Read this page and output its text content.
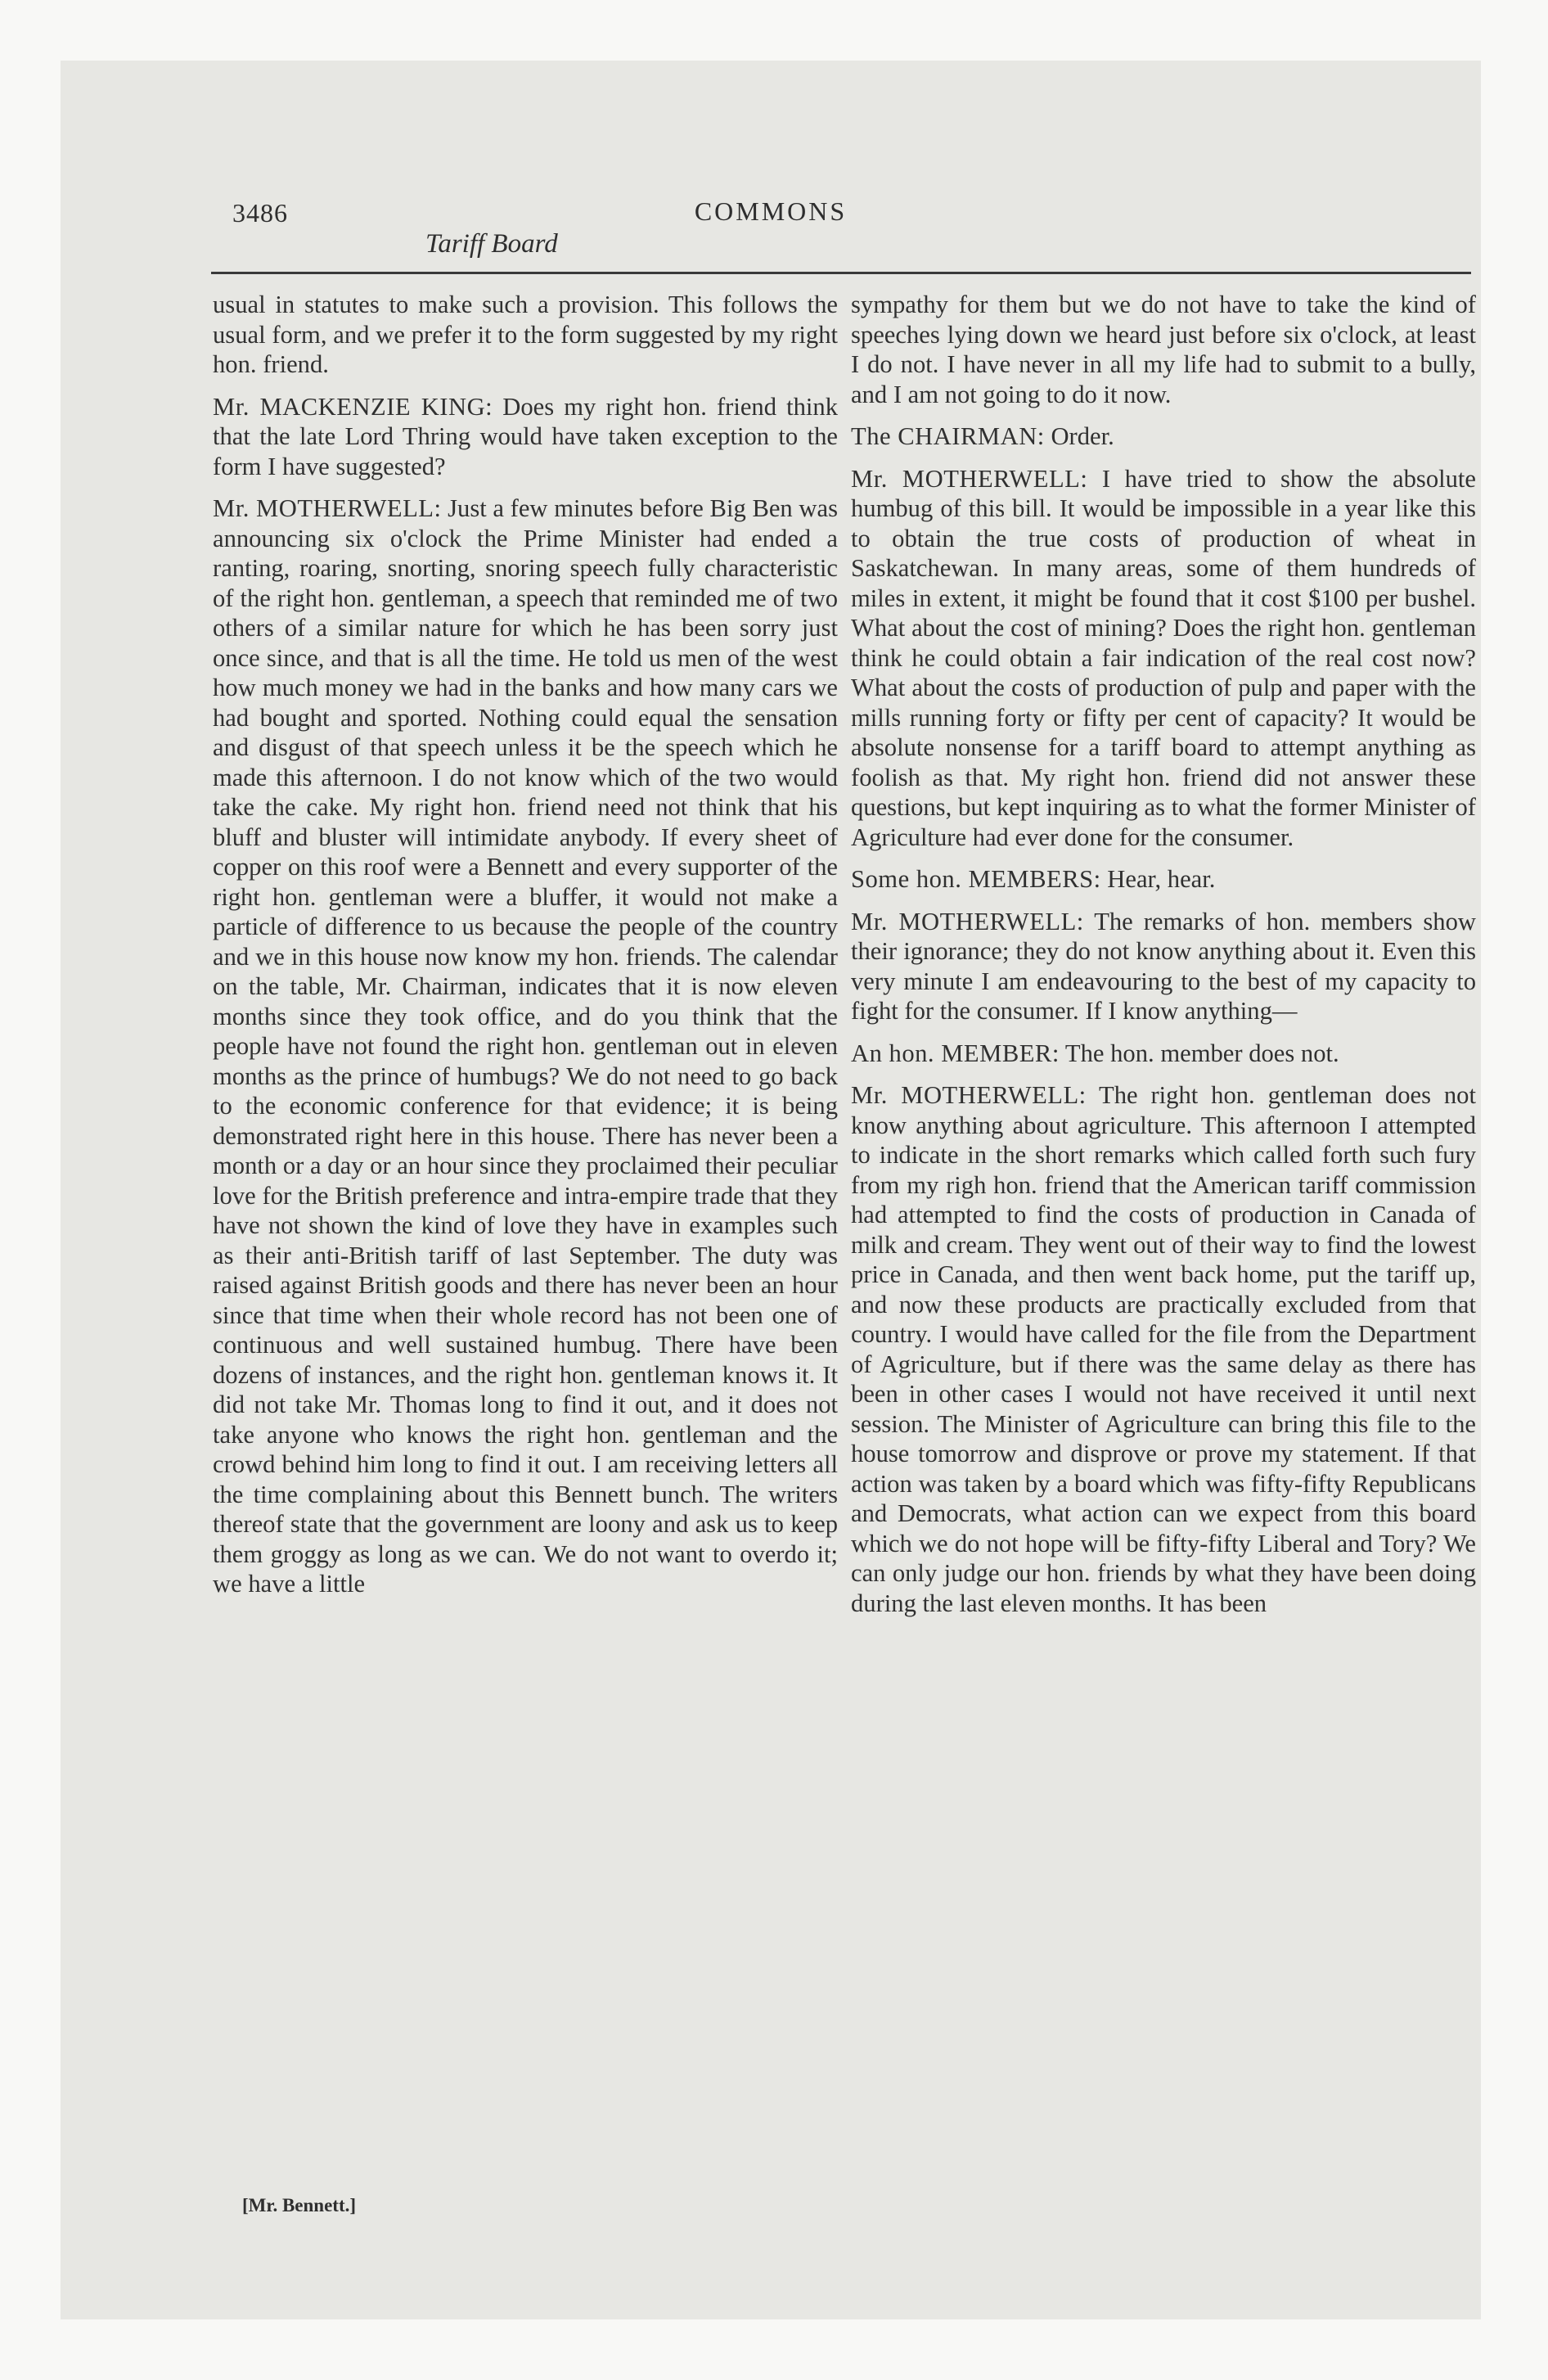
3486	COMMONS
Tariff Board

usual in statutes to make such a provision. This follows the usual form, and we prefer it to the form suggested by my right hon. friend.

Mr. MACKENZIE KING: Does my right hon. friend think that the late Lord Thring would have taken exception to the form I have suggested?

Mr. MOTHERWELL: Just a few minutes before Big Ben was announcing six o'clock the Prime Minister had ended a ranting, roaring, snorting, snoring speech fully characteristic of the right hon. gentleman, a speech that reminded me of two others of a similar nature for which he has been sorry just once since, and that is all the time. He told us men of the west how much money we had in the banks and how many cars we had bought and sported. Nothing could equal the sensation and disgust of that speech unless it be the speech which he made this afternoon. I do not know which of the two would take the cake. My right hon. friend need not think that his bluff and bluster will intimidate anybody. If every sheet of copper on this roof were a Bennett and every supporter of the right hon. gentleman were a bluffer, it would not make a particle of difference to us because the people of the country and we in this house now know my hon. friends. The calendar on the table, Mr. Chairman, indicates that it is now eleven months since they took office, and do you think that the people have not found the right hon. gentleman out in eleven months as the prince of humbugs? We do not need to go back to the economic conference for that evidence; it is being demonstrated right here in this house. There has never been a month or a day or an hour since they proclaimed their peculiar love for the British preference and intra-empire trade that they have not shown the kind of love they have in examples such as their anti-British tariff of last September. The duty was raised against British goods and there has never been an hour since that time when their whole record has not been one of continuous and well sustained humbug. There have been dozens of instances, and the right hon. gentleman knows it. It did not take Mr. Thomas long to find it out, and it does not take anyone who knows the right hon. gentleman and the crowd behind him long to find it out. I am receiving letters all the time complaining about this Bennett bunch. The writers thereof state that the government are loony and ask us to keep them groggy as long as we can. We do not want to overdo it; we have a little

sympathy for them but we do not have to take the kind of speeches lying down we heard just before six o'clock, at least I do not. I have never in all my life had to submit to a bully, and I am not going to do it now.

The CHAIRMAN: Order.

Mr. MOTHERWELL: I have tried to show the absolute humbug of this bill. It would be impossible in a year like this to obtain the true costs of production of wheat in Saskatchewan. In many areas, some of them hundreds of miles in extent, it might be found that it cost $100 per bushel. What about the cost of mining? Does the right hon. gentleman think he could obtain a fair indication of the real cost now? What about the costs of production of pulp and paper with the mills running forty or fifty per cent of capacity? It would be absolute nonsense for a tariff board to attempt anything as foolish as that. My right hon. friend did not answer these questions, but kept inquiring as to what the former Minister of Agriculture had ever done for the consumer.

Some hon. MEMBERS: Hear, hear.

Mr. MOTHERWELL: The remarks of hon. members show their ignorance; they do not know anything about it. Even this very minute I am endeavouring to the best of my capacity to fight for the consumer. If I know anything—

An hon. MEMBER: The hon. member does not.

Mr. MOTHERWELL: The right hon. gentleman does not know anything about agriculture. This afternoon I attempted to indicate in the short remarks which called forth such fury from my righ hon. friend that the American tariff commission had attempted to find the costs of production in Canada of milk and cream. They went out of their way to find the lowest price in Canada, and then went back home, put the tariff up, and now these products are practically excluded from that country. I would have called for the file from the Department of Agriculture, but if there was the same delay as there has been in other cases I would not have received it until next session. The Minister of Agriculture can bring this file to the house tomorrow and disprove or prove my statement. If that action was taken by a board which was fifty-fifty Republicans and Democrats, what action can we expect from this board which we do not hope will be fifty-fifty Liberal and Tory? We can only judge our hon. friends by what they have been doing during the last eleven months. It has been

[Mr. Bennett.]
